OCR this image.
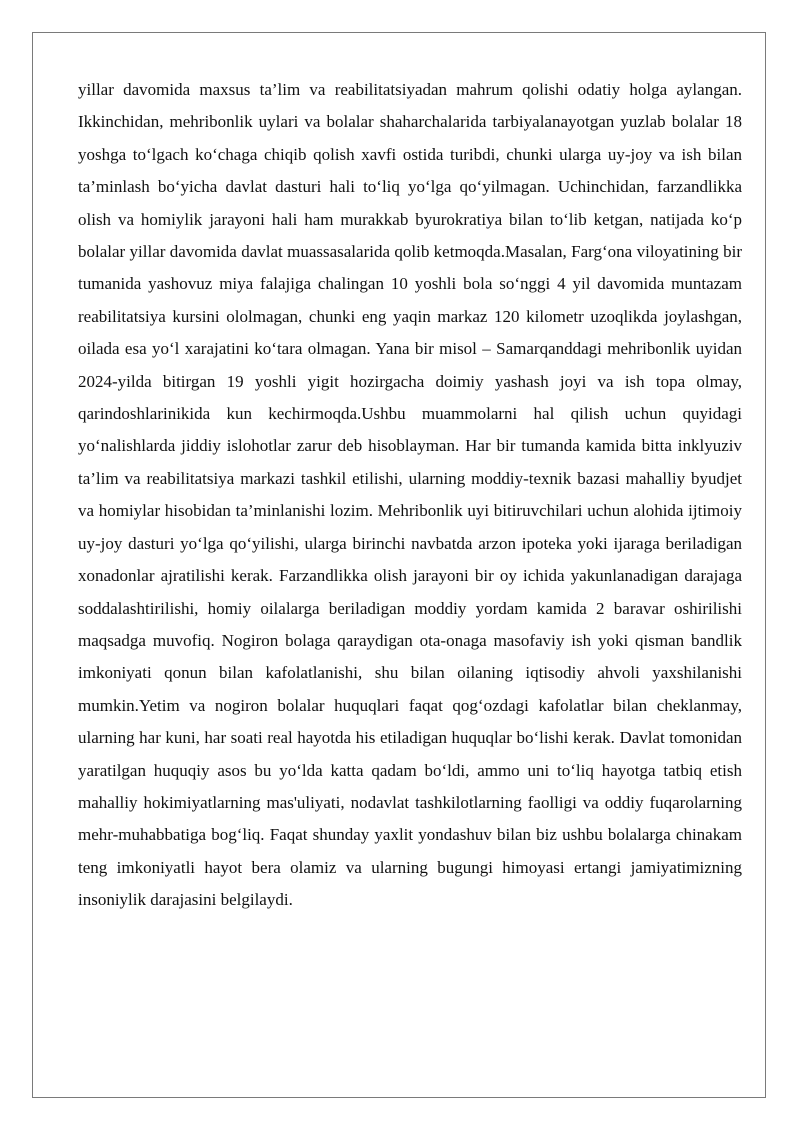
yillar davomida maxsus ta’lim va reabilitatsiyadan mahrum qolishi odatiy holga aylangan. Ikkinchidan, mehribonlik uylari va bolalar shaharchalarida tarbiyalanayotgan yuzlab bolalar 18 yoshga to‘lgach ko‘chaga chiqib qolish xavfi ostida turibdi, chunki ularga uy-joy va ish bilan ta’minlash bo‘yicha davlat dasturi hali to‘liq yo‘lga qo‘yilmagan. Uchinchidan, farzandlikka olish va homiylik jarayoni hali ham murakkab byurokratiya bilan to‘lib ketgan, natijada ko‘p bolalar yillar davomida davlat muassasalarida qolib ketmoqda.Masalan, Farg‘ona viloyatining bir tumanida yashovuz miya falajiga chalingan 10 yoshli bola so‘nggi 4 yil davomida muntazam reabilitatsiya kursini ololmagan, chunki eng yaqin markaz 120 kilometr uzoqlikda joylashgan, oilada esa yo‘l xarajatini ko‘tara olmagan. Yana bir misol – Samarqanddagi mehribonlik uyidan 2024-yilda bitirgan 19 yoshli yigit hozirgacha doimiy yashash joyi va ish topa olmay, qarindoshlarinikida kun kechirmoqda.Ushbu muammolarni hal qilish uchun quyidagi yo‘nalishlarda jiddiy islohotlar zarur deb hisoblayman. Har bir tumanda kamida bitta inklyuziv ta’lim va reabilitatsiya markazi tashkil etilishi, ularning moddiy-texnik bazasi mahalliy byudjet va homiylar hisobidan ta’minlanishi lozim. Mehribonlik uyi bitiruvchilari uchun alohida ijtimoiy uy-joy dasturi yo‘lga qo‘yilishi, ularga birinchi navbatda arzon ipoteka yoki ijaraga beriladigan xonadonlar ajratilishi kerak. Farzandlikka olish jarayoni bir oy ichida yakunlanadigan darajaga soddalashtirilishi, homiy oilalarga beriladigan moddiy yordam kamida 2 baravar oshirilishi maqsadga muvofiq. Nogiron bolaga qaraydigan ota-onaga masofaviy ish yoki qisman bandlik imkoniyati qonun bilan kafolatlanishi, shu bilan oilaning iqtisodiy ahvoli yaxshilanishi mumkin.Yetim va nogiron bolalar huquqlari faqat qog‘ozdagi kafolatlar bilan cheklanmay, ularning har kuni, har soati real hayotda his etiladigan huquqlar bo‘lishi kerak. Davlat tomonidan yaratilgan huquqiy asos bu yo‘lda katta qadam bo‘ldi, ammo uni to‘liq hayotga tatbiq etish mahalliy hokimiyatlarning mas'uliyati, nodavlat tashkilotlarning faolligi va oddiy fuqarolarning mehr-muhabbatiga bog‘liq. Faqat shunday yaxlit yondashuv bilan biz ushbu bolalarga chinakam teng imkoniyatli hayot bera olamiz va ularning bugungi himoyasi ertangi jamiyatimizning insoniylik darajasini belgilaydi.
